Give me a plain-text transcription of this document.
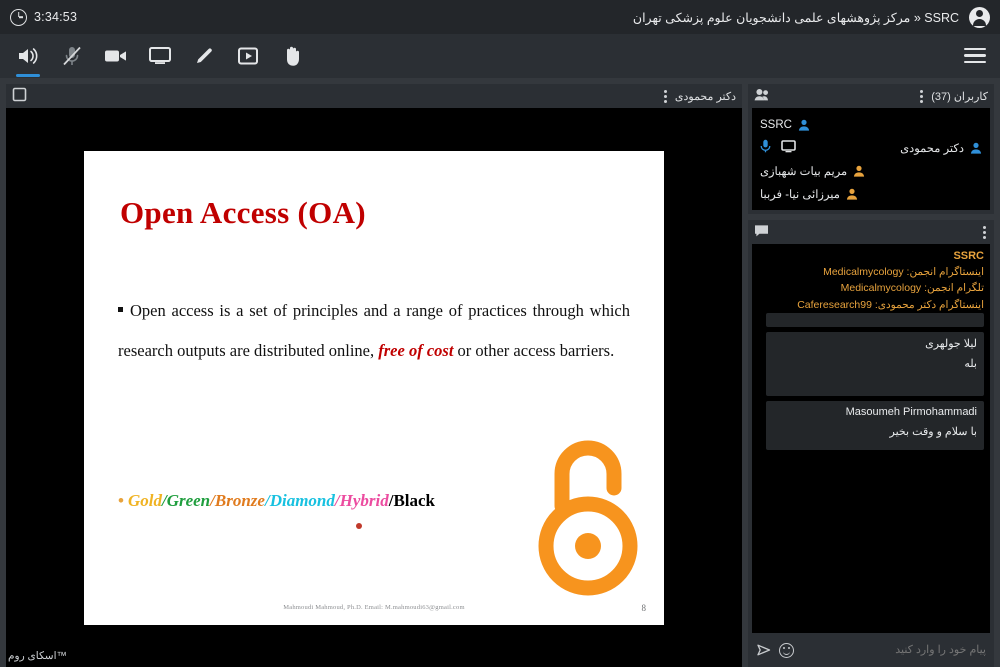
3:34:53	SSRC « مرکز پژوهشهای علمی دانشجویان علوم پزشکی تهران
دکتر محمودی
Open Access (OA)
Open access is a set of principles and a range of practices through which research outputs are distributed online, free of cost or other access barriers.
• Gold/Green/Bronze/Diamond/Hybrid/Black
Mahmoudi Mahmoud, Ph.D. Email: M.mahmoudi63@gmail.com	8
کاربران (37)
SSRC
دکتر محمودی
مریم بیات شهبازی
میرزائی نیا- فرببا
SSRC
اینستاگرام انجمن: Medicalmycology
تلگرام انجمن: Medicalmycology
اینستاگرام دکتر محمودی: Caferesearch99
لیلا جولهری
بله
Masoumeh Pirmohammadi
با سلام و وقت بخیر
پیام خود را وارد کنید
اسکای روم™
